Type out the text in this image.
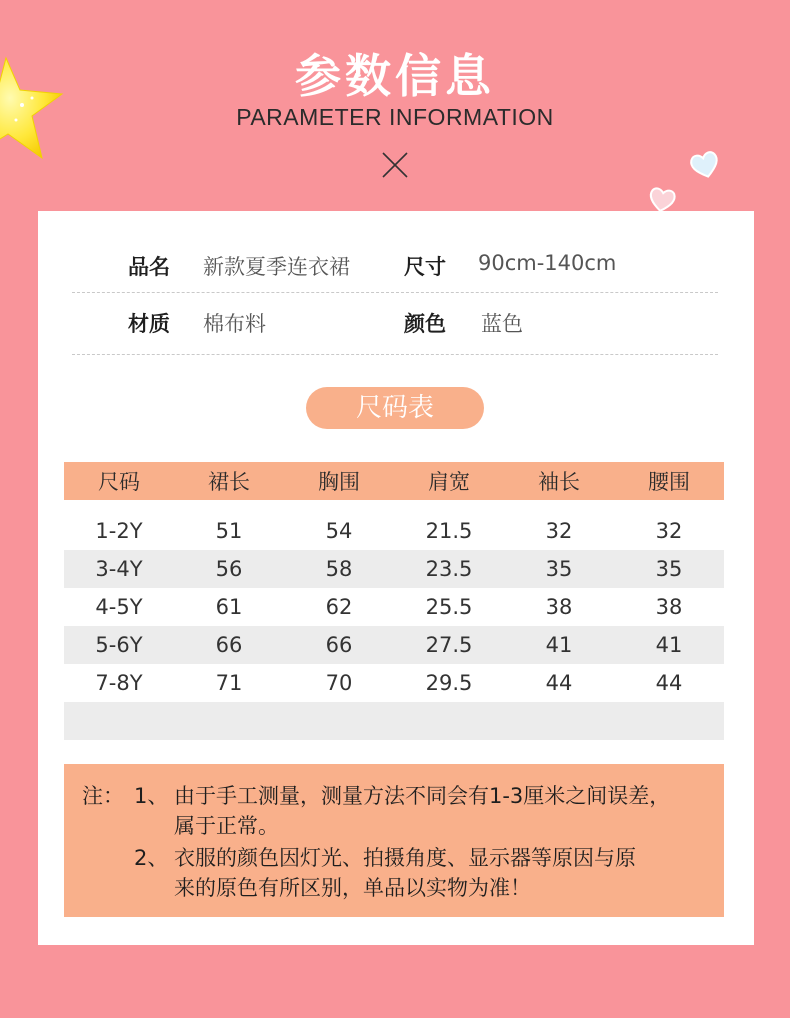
参数信息
PARAMETER INFORMATION
品名 新款夏季连衣裙	尺寸 90cm-140cm
材质 棉布料	颜色 蓝色
尺码表
尺码	裙长	胸围	肩宽	袖长	腰围
1-2Y	51	54	21.5	32	32
3-4Y	56	58	23.5	35	35
4-5Y	61	62	25.5	38	38
5-6Y	66	66	27.5	41	41
7-8Y	71	70	29.5	44	44
注： 1、 由于手工测量，测量方法不同会有1-3厘米之间误差，
属于正常。
2、 衣服的颜色因灯光、拍摄角度、显示器等原因与原
来的原色有所区别，单品以实物为准！
